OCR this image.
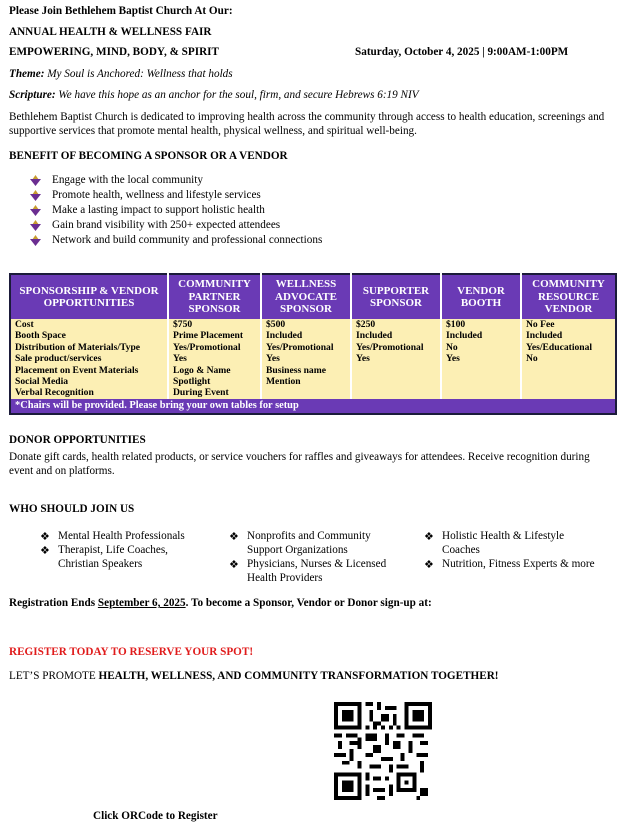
Please Join Bethlehem Baptist Church At Our:
ANNUAL HEALTH & WELLNESS FAIR
EMPOWERING, MIND, BODY, & SPIRIT	Saturday, October 4, 2025 | 9:00AM-1:00PM
Theme: My Soul is Anchored: Wellness that holds
Scripture: We have this hope as an anchor for the soul, firm, and secure Hebrews 6:19 NIV
Bethlehem Baptist Church is dedicated to improving health across the community through access to health education, screenings and supportive services that promote mental health, physical wellness, and spiritual well-being.
BENEFIT OF BECOMING A SPONSOR OR A VENDOR
Engage with the local community
Promote health, wellness and lifestyle services
Make a lasting impact to support holistic health
Gain brand visibility with 250+ expected attendees
Network and build community and professional connections
SPONSORSHIP & VENDOR OPPORTUNITIES	COMMUNITY PARTNER SPONSOR	WELLNESS ADVOCATE SPONSOR	SUPPORTER SPONSOR	VENDOR BOOTH	COMMUNITY RESOURCE VENDOR
Cost	$750	$500	$250	$100	No Fee
Booth Space	Prime Placement	Included	Included	Included	Included
Distribution of Materials/Type	Yes/Promotional	Yes/Promotional	Yes/Promotional	No	Yes/Educational
Sale product/services	Yes	Yes	Yes	Yes	No
Placement on Event Materials	Logo & Name	Business name			
Social Media	Spotlight	Mention			
Verbal Recognition	During Event				
*Chairs will be provided. Please bring your own tables for setup					
DONOR OPPORTUNITIES
Donate gift cards, health related products, or service vouchers for raffles and giveaways for attendees. Receive recognition during event and on platforms.
WHO SHOULD JOIN US
❖ Mental Health Professionals
❖ Therapist, Life Coaches, Christian Speakers
❖ Nonprofits and Community Support Organizations
❖ Physicians, Nurses & Licensed Health Providers
❖ Holistic Health & Lifestyle Coaches
❖ Nutrition, Fitness Experts & more
Registration Ends September 6, 2025. To become a Sponsor, Vendor or Donor sign-up at:
REGISTER TODAY TO RESERVE YOUR SPOT!
LET’S PROMOTE HEALTH, WELLNESS, AND COMMUNITY TRANSFORMATION TOGETHER!
Click ORCode to Register
